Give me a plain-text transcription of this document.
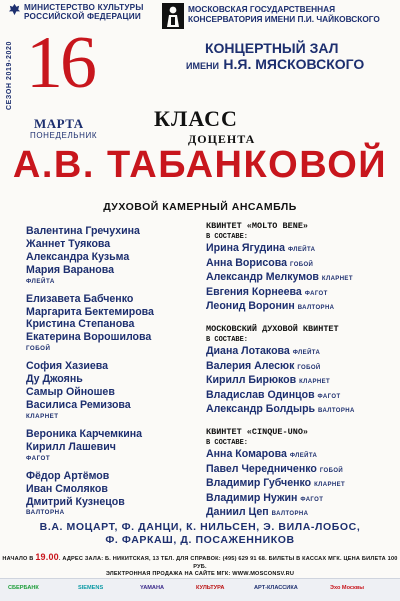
МИНИСТЕРСТВО КУЛЬТУРЫ
РОССИЙСКОЙ ФЕДЕРАЦИИ
МОСКОВСКАЯ ГОСУДАРСТВЕННАЯ
КОНСЕРВАТОРИЯ ИМЕНИ П.И. ЧАЙКОВСКОГО
СЕЗОН 2019-2020 16
МАРТА
ПОНЕДЕЛЬНИК
КОНЦЕРТНЫЙ ЗАЛ
ИМЕНИ Н.Я. МЯСКОВСКОГО
КЛАСС
ДОЦЕНТА
А.В. ТАБАНКОВОЙ
ДУХОВОЙ КАМЕРНЫЙ АНСАМБЛЬ
Валентина Гречухина
Жаннет Туякова
Александра Кузьма
Мария Варанова
ФЛЕЙТА
Елизавета Бабченко
Маргарита Бектемирова
Кристина Степанова
Екатерина Ворошилова
ГОБОЙ
София Хазиева
Ду Джоянь
Самыр Ойношев
Василиса Ремизова
КЛАРНЕТ
Вероника Карчемкина
Кирилл Лашевич
ФАГОТ
Фёдор Артёмов
Иван Смоляков
Дмитрий Кузнецов
ВАЛТОРНА
КВИНТЕТ «MOLTO BENE»
В СОСТАВЕ:
Ирина Ягудина ФЛЕЙТА
Анна Ворисова ГОБОЙ
Александр Мелкумов КЛАРНЕТ
Евгения Корнеева ФАГОТ
Леонид Воронин ВАЛТОРНА
МОСКОВСКИЙ ДУХОВОЙ КВИНТЕТ
В СОСТАВЕ:
Диана Лотакова ФЛЕЙТА
Валерия Алесюк ГОБОЙ
Кирилл Бирюков КЛАРНЕТ
Владислав Одинцов ФАГОТ
Александр Болдырь ВАЛТОРНА
КВИНТЕТ «CINQUE-UNO»
В СОСТАВЕ:
Анна Комарова ФЛЕЙТА
Павел Чередниченко ГОБОЙ
Владимир Губченко КЛАРНЕТ
Владимир Нужин ФАГОТ
Даниил Цеп ВАЛТОРНА
В.А. МОЦАРТ, Ф. ДАНЦИ, К. НИЛЬСЕН, Э. ВИЛА-ЛОБОС,
Ф. ФАРКАШ, Д. ПОСАЖЕННИКОВ
НАЧАЛО В 19.00. АДРЕС ЗАЛА: Б. НИКИТСКАЯ, 13 ТЕЛ. ДЛЯ СПРАВОК: (495) 629 91 68. БИЛЕТЫ В КАССАХ МГК. ЦЕНА БИЛЕТА 100 РУБ.
ЭЛЕКТРОННАЯ ПРОДАЖА НА САЙТЕ МГК: WWW.MOSCONSV.RU
СБЕРБАНК	SIEMENS	YAMAHA	КУЛЬТУРА	АРТ-КЛАССИКА	Эхо Москвы
